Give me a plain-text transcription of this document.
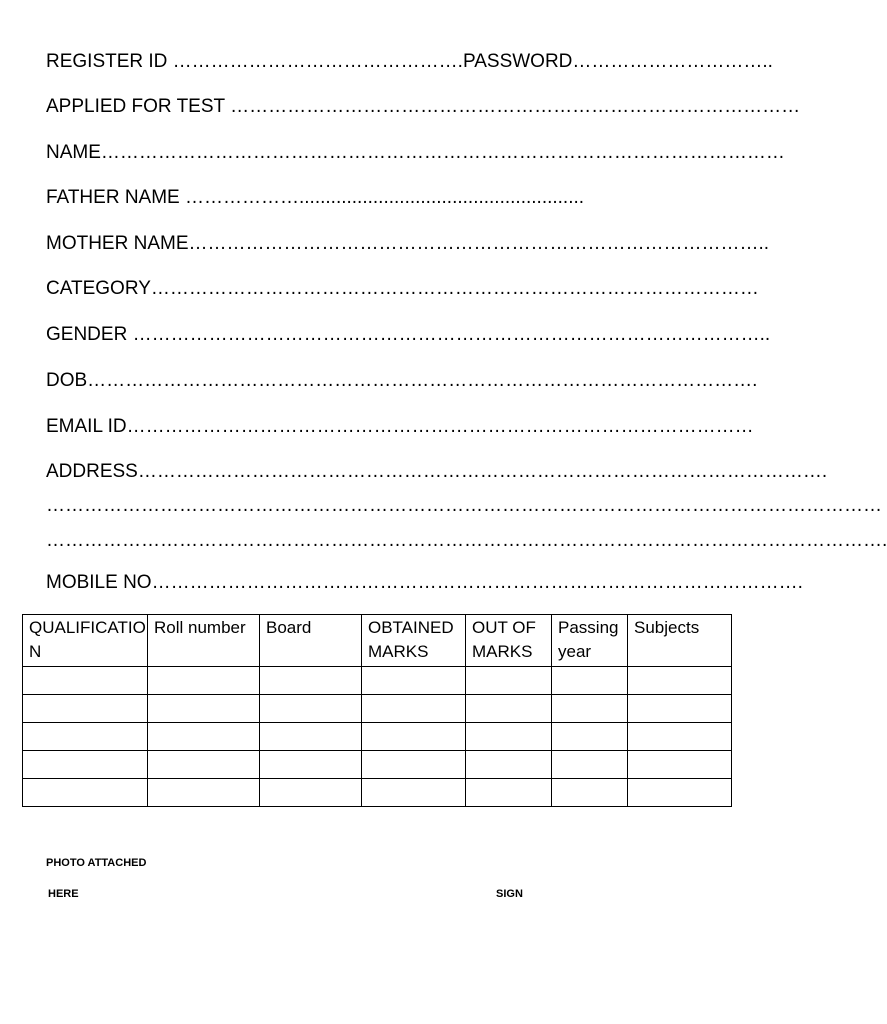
REGISTER ID ……………………………………….PASSWORD…………………………..
APPLIED FOR TEST ………………………………………………………………………………
NAME………………………………………………………………………………………………
FATHER NAME ………………......................................................
MOTHER NAME………………………………………………………………………………..
CATEGORY……………………………………………………………………………………
GENDER ………………………………………………………………………………………..
DOB…………………………………………………………………………………………….
EMAIL ID………………………………………………………………………………………
ADDRESS……………………………………………………………………………………………….
……………………………………………………………………………………………………………………
…………………………………………………………………………………………………………………….
MOBILE NO………………………………………………………………………………………….
QUALIFICATION	Roll number	Board	OBTAINED MARKS	OUT OF MARKS	Passing year	Subjects

PHOTO ATTACHED
HERE	SIGN
